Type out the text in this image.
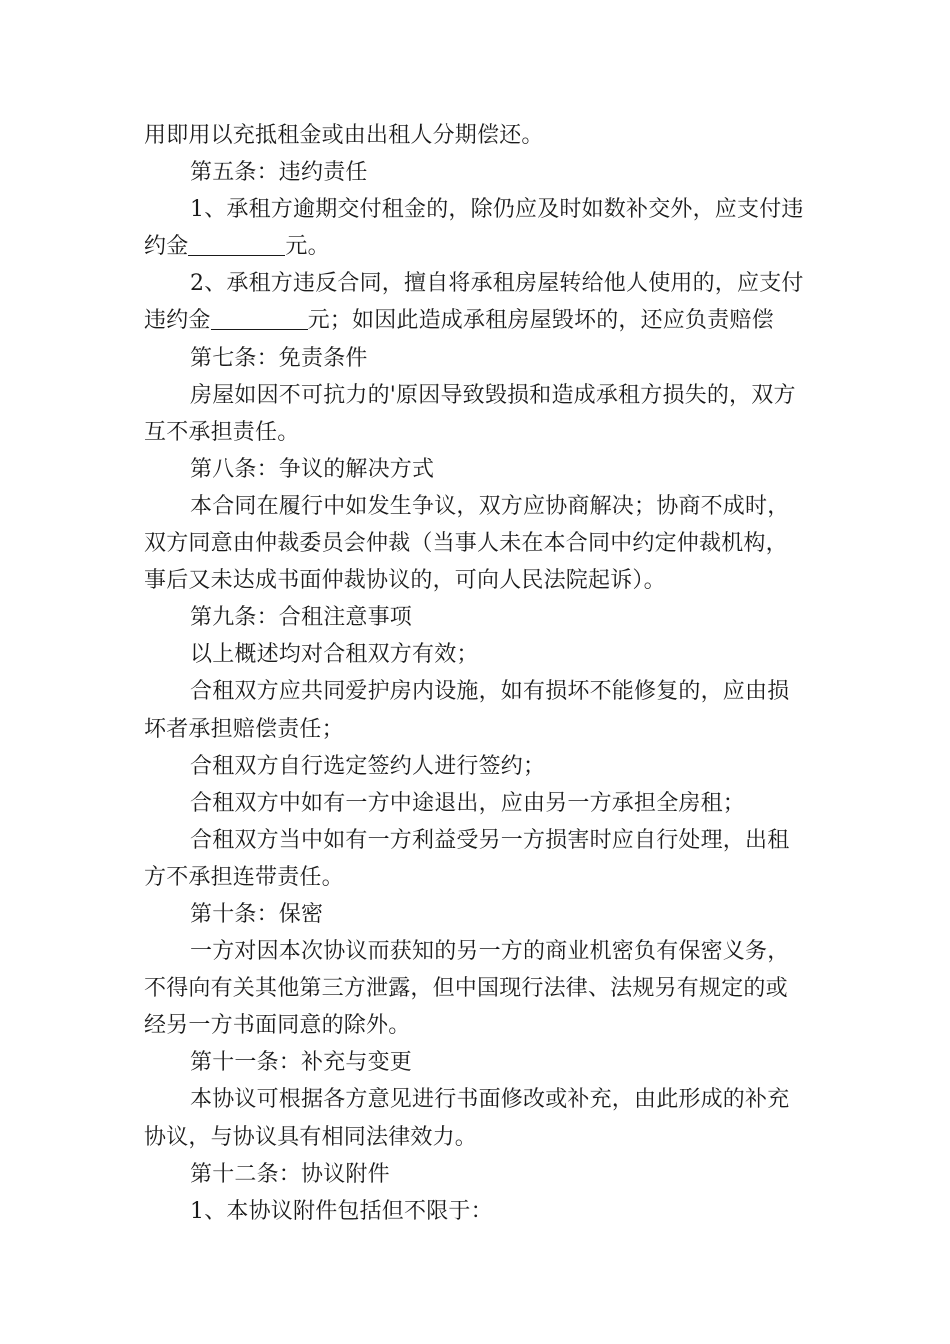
用即用以充抵租金或由出租人分期偿还。
第五条：违约责任
1、承租方逾期交付租金的，除仍应及时如数补交外，应支付违
约金	元。
2、承租方违反合同，擅自将承租房屋转给他人使用的，应支付
违约金	元；如因此造成承租房屋毁坏的，还应负责赔偿
第七条：免责条件
房屋如因不可抗力的'原因导致毁损和造成承租方损失的，双方
互不承担责任。
第八条：争议的解决方式
本合同在履行中如发生争议，双方应协商解决；协商不成时，
双方同意由仲裁委员会仲裁（当事人未在本合同中约定仲裁机构，
事后又未达成书面仲裁协议的，可向人民法院起诉）。
第九条：合租注意事项
以上概述均对合租双方有效；
合租双方应共同爱护房内设施，如有损坏不能修复的，应由损
坏者承担赔偿责任；
合租双方自行选定签约人进行签约；
合租双方中如有一方中途退出，应由另一方承担全房租；
合租双方当中如有一方利益受另一方损害时应自行处理，出租
方不承担连带责任。
第十条：保密
一方对因本次协议而获知的另一方的商业机密负有保密义务，
不得向有关其他第三方泄露，但中国现行法律、法规另有规定的或
经另一方书面同意的除外。
第十一条：补充与变更
本协议可根据各方意见进行书面修改或补充，由此形成的补充
协议，与协议具有相同法律效力。
第十二条：协议附件
1、本协议附件包括但不限于：
